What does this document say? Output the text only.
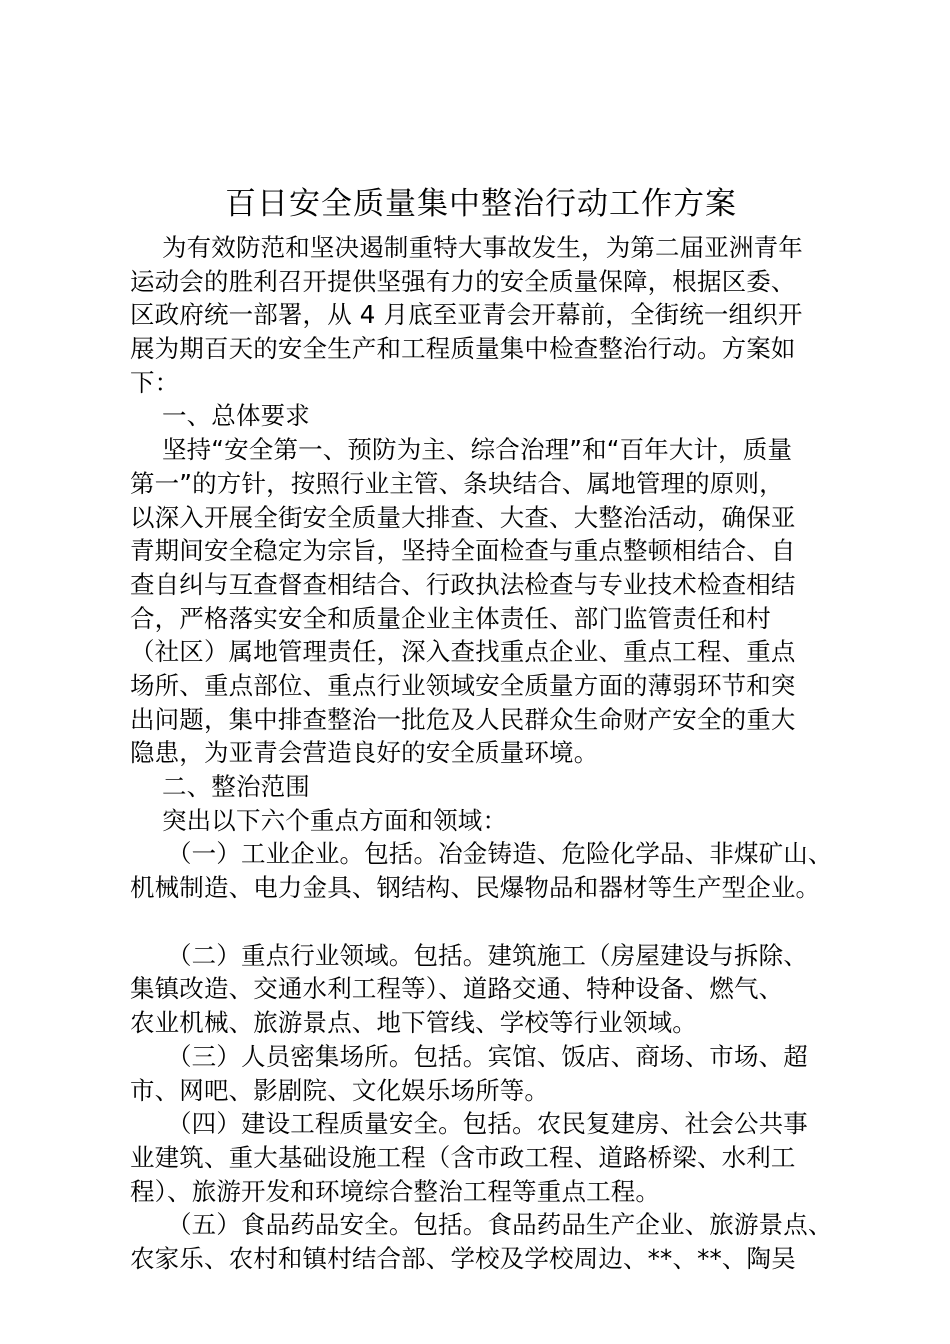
百日安全质量集中整治行动工作方案
为有效防范和坚决遏制重特大事故发生，为第二届亚洲青年
运动会的胜利召开提供坚强有力的安全质量保障，根据区委、
区政府统一部署，从 4 月底至亚青会开幕前，全街统一组织开
展为期百天的安全生产和工程质量集中检查整治行动。方案如
下：
一、总体要求
坚持“安全第一、预防为主、综合治理”和“百年大计，质量
第一”的方针，按照行业主管、条块结合、属地管理的原则，
以深入开展全街安全质量大排查、大查、大整治活动，确保亚
青期间安全稳定为宗旨，坚持全面检查与重点整顿相结合、自
查自纠与互查督查相结合、行政执法检查与专业技术检查相结
合，严格落实安全和质量企业主体责任、部门监管责任和村
（社区）属地管理责任，深入查找重点企业、重点工程、重点
场所、重点部位、重点行业领域安全质量方面的薄弱环节和突
出问题，集中排查整治一批危及人民群众生命财产安全的重大
隐患，为亚青会营造良好的安全质量环境。
二、整治范围
突出以下六个重点方面和领域：
（一）工业企业。包括。冶金铸造、危险化学品、非煤矿山、
机械制造、电力金具、钢结构、民爆物品和器材等生产型企业。
（二）重点行业领域。包括。建筑施工（房屋建设与拆除、
集镇改造、交通水利工程等）、道路交通、特种设备、燃气、
农业机械、旅游景点、地下管线、学校等行业领域。
（三）人员密集场所。包括。宾馆、饭店、商场、市场、超
市、网吧、影剧院、文化娱乐场所等。
（四）建设工程质量安全。包括。农民复建房、社会公共事
业建筑、重大基础设施工程（含市政工程、道路桥梁、水利工
程）、旅游开发和环境综合整治工程等重点工程。
（五）食品药品安全。包括。食品药品生产企业、旅游景点、
农家乐、农村和镇村结合部、学校及学校周边、**、**、陶吴
